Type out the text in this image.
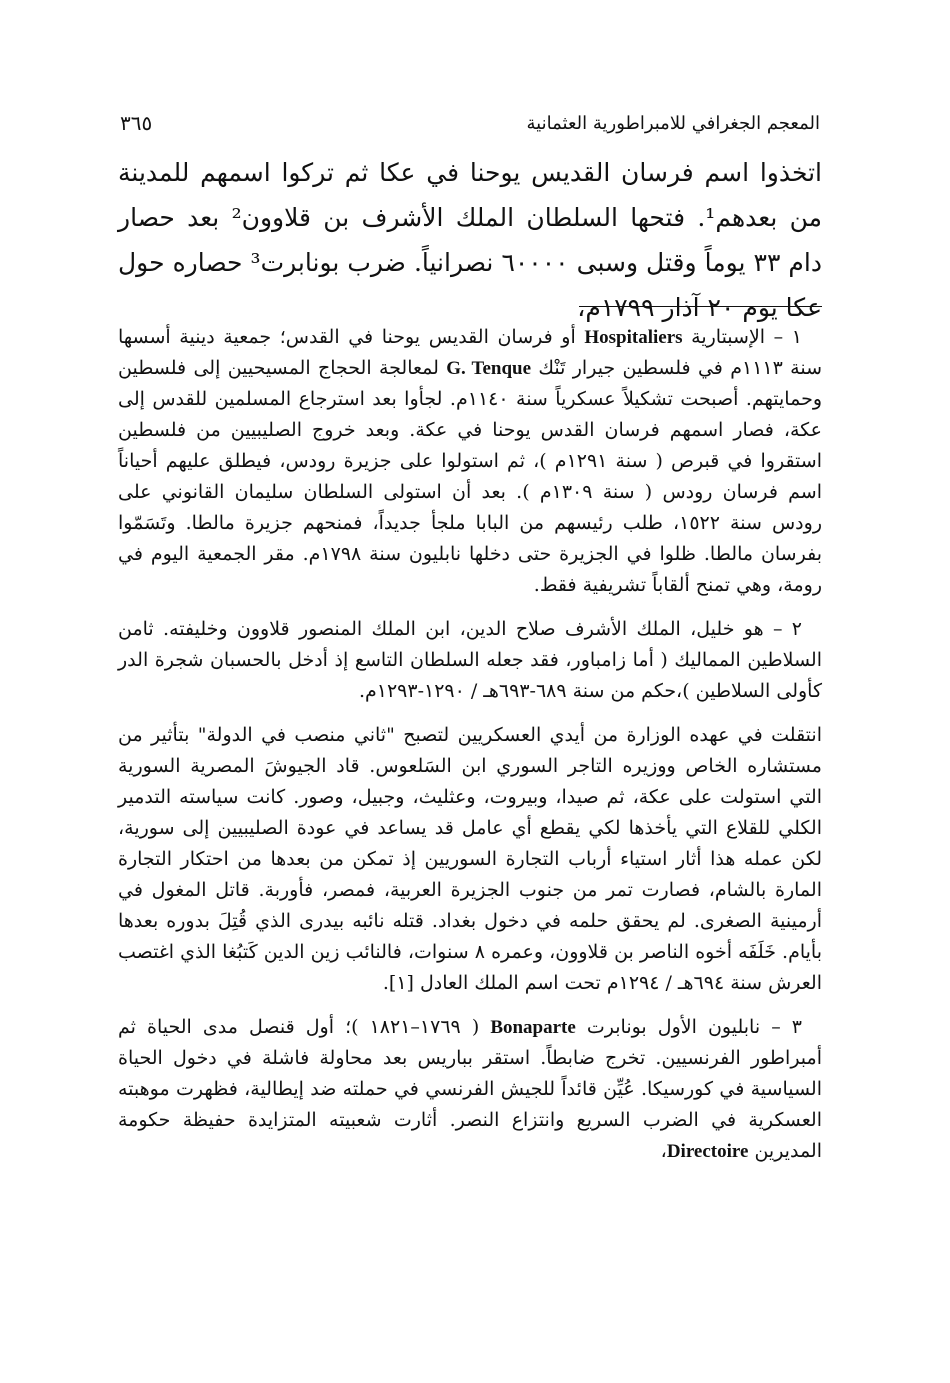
المعجم الجغرافي للامبراطورية العثمانية
٣٦٥

اتخذوا اسم فرسان القديس يوحنا في عكا ثم تركوا اسمهم للمدينة من بعدهم¹. فتحها السلطان الملك الأشرف بن قلاوون² بعد حصار دام ٣٣ يوماً وقتل وسبى ٦٠٠٠٠ نصرانياً. ضرب بونابرت³ حصاره حول عكا يوم ٢٠ آذار ١٧٩٩م،

١ – الإسبتارية Hospitaliers أو فرسان القديس يوحنا في القدس؛ جمعية دينية أسسها سنة ١١١٣م في فلسطين جيرار تَنْك G. Tenque لمعالجة الحجاج المسيحيين إلى فلسطين وحمايتهم. أصبحت تشكيلاً عسكرياً سنة ١١٤٠م. لجأوا بعد استرجاع المسلمين للقدس إلى عكة، فصار اسمهم فرسان القدس يوحنا في عكة. وبعد خروج الصليبيين من فلسطين استقروا في قبرص ( سنة ١٢٩١م )، ثم استولوا على جزيرة رودس، فيطلق عليهم أحياناً اسم فرسان رودس ( سنة ١٣٠٩م ). بعد أن استولى السلطان سليمان القانوني على رودس سنة ١٥٢٢، طلب رئيسهم من البابا ملجأ جديداً، فمنحهم جزيرة مالطا. وتَسَمّوا بفرسان مالطا. ظلوا في الجزيرة حتى دخلها نابليون سنة ١٧٩٨م. مقر الجمعية اليوم في رومة، وهي تمنح ألقاباً تشريفية فقط.

٢ – هو خليل، الملك الأشرف صلاح الدين، ابن الملك المنصور قلاوون وخليفته. ثامن السلاطين المماليك ( أما زامباور، فقد جعله السلطان التاسع إذ أدخل بالحسبان شجرة الدر كأولى السلاطين )،حكم من سنة ٦٨٩-٦٩٣هـ / ١٢٩٠-١٢٩٣م.

انتقلت في عهده الوزارة من أيدي العسكريين لتصبح "ثاني منصب في الدولة" بتأثير من مستشاره الخاص ووزيره التاجر السوري ابن السَلعوس. قاد الجيوشَ المصرية السورية التي استولت على عكة، ثم صيدا، وبيروت، وعثليث، وجبيل، وصور. كانت سياسته التدمير الكلي للقلاع التي يأخذها لكي يقطع أي عامل قد يساعد في عودة الصليبيين إلى سورية، لكن عمله هذا أثار استياء أرباب التجارة السوريين إذ تمكن من بعدها من احتكار التجارة المارة بالشام، فصارت تمر من جنوب الجزيرة العربية، فمصر، فأوربة. قاتل المغول في أرمينية الصغرى. لم يحقق حلمه في دخول بغداد. قتله نائبه بيدرى الذي قُتِلَ بدوره بعدها بأيام. خَلَفَه أخوه الناصر بن قلاوون، وعمره ٨ سنوات، فالنائب زين الدين كَتبُغا الذي اغتصب العرش سنة ٦٩٤هـ / ١٢٩٤م تحت اسم الملك العادل [١].

٣ – نابليون الأول بونابرت Bonaparte ( ١٧٦٩–١٨٢١ )؛ أول قنصل مدى الحياة ثم أمبراطور الفرنسيين. تخرج ضابطاً. استقر بباريس بعد محاولة فاشلة في دخول الحياة السياسية في كورسيكا. عُيِّن قائداً للجيش الفرنسي في حملته ضد إيطالية، فظهرت موهبته العسكرية في الضرب السريع وانتزاع النصر. أثارت شعبيته المتزايدة حفيظة حكومة المديرين Directoire،
